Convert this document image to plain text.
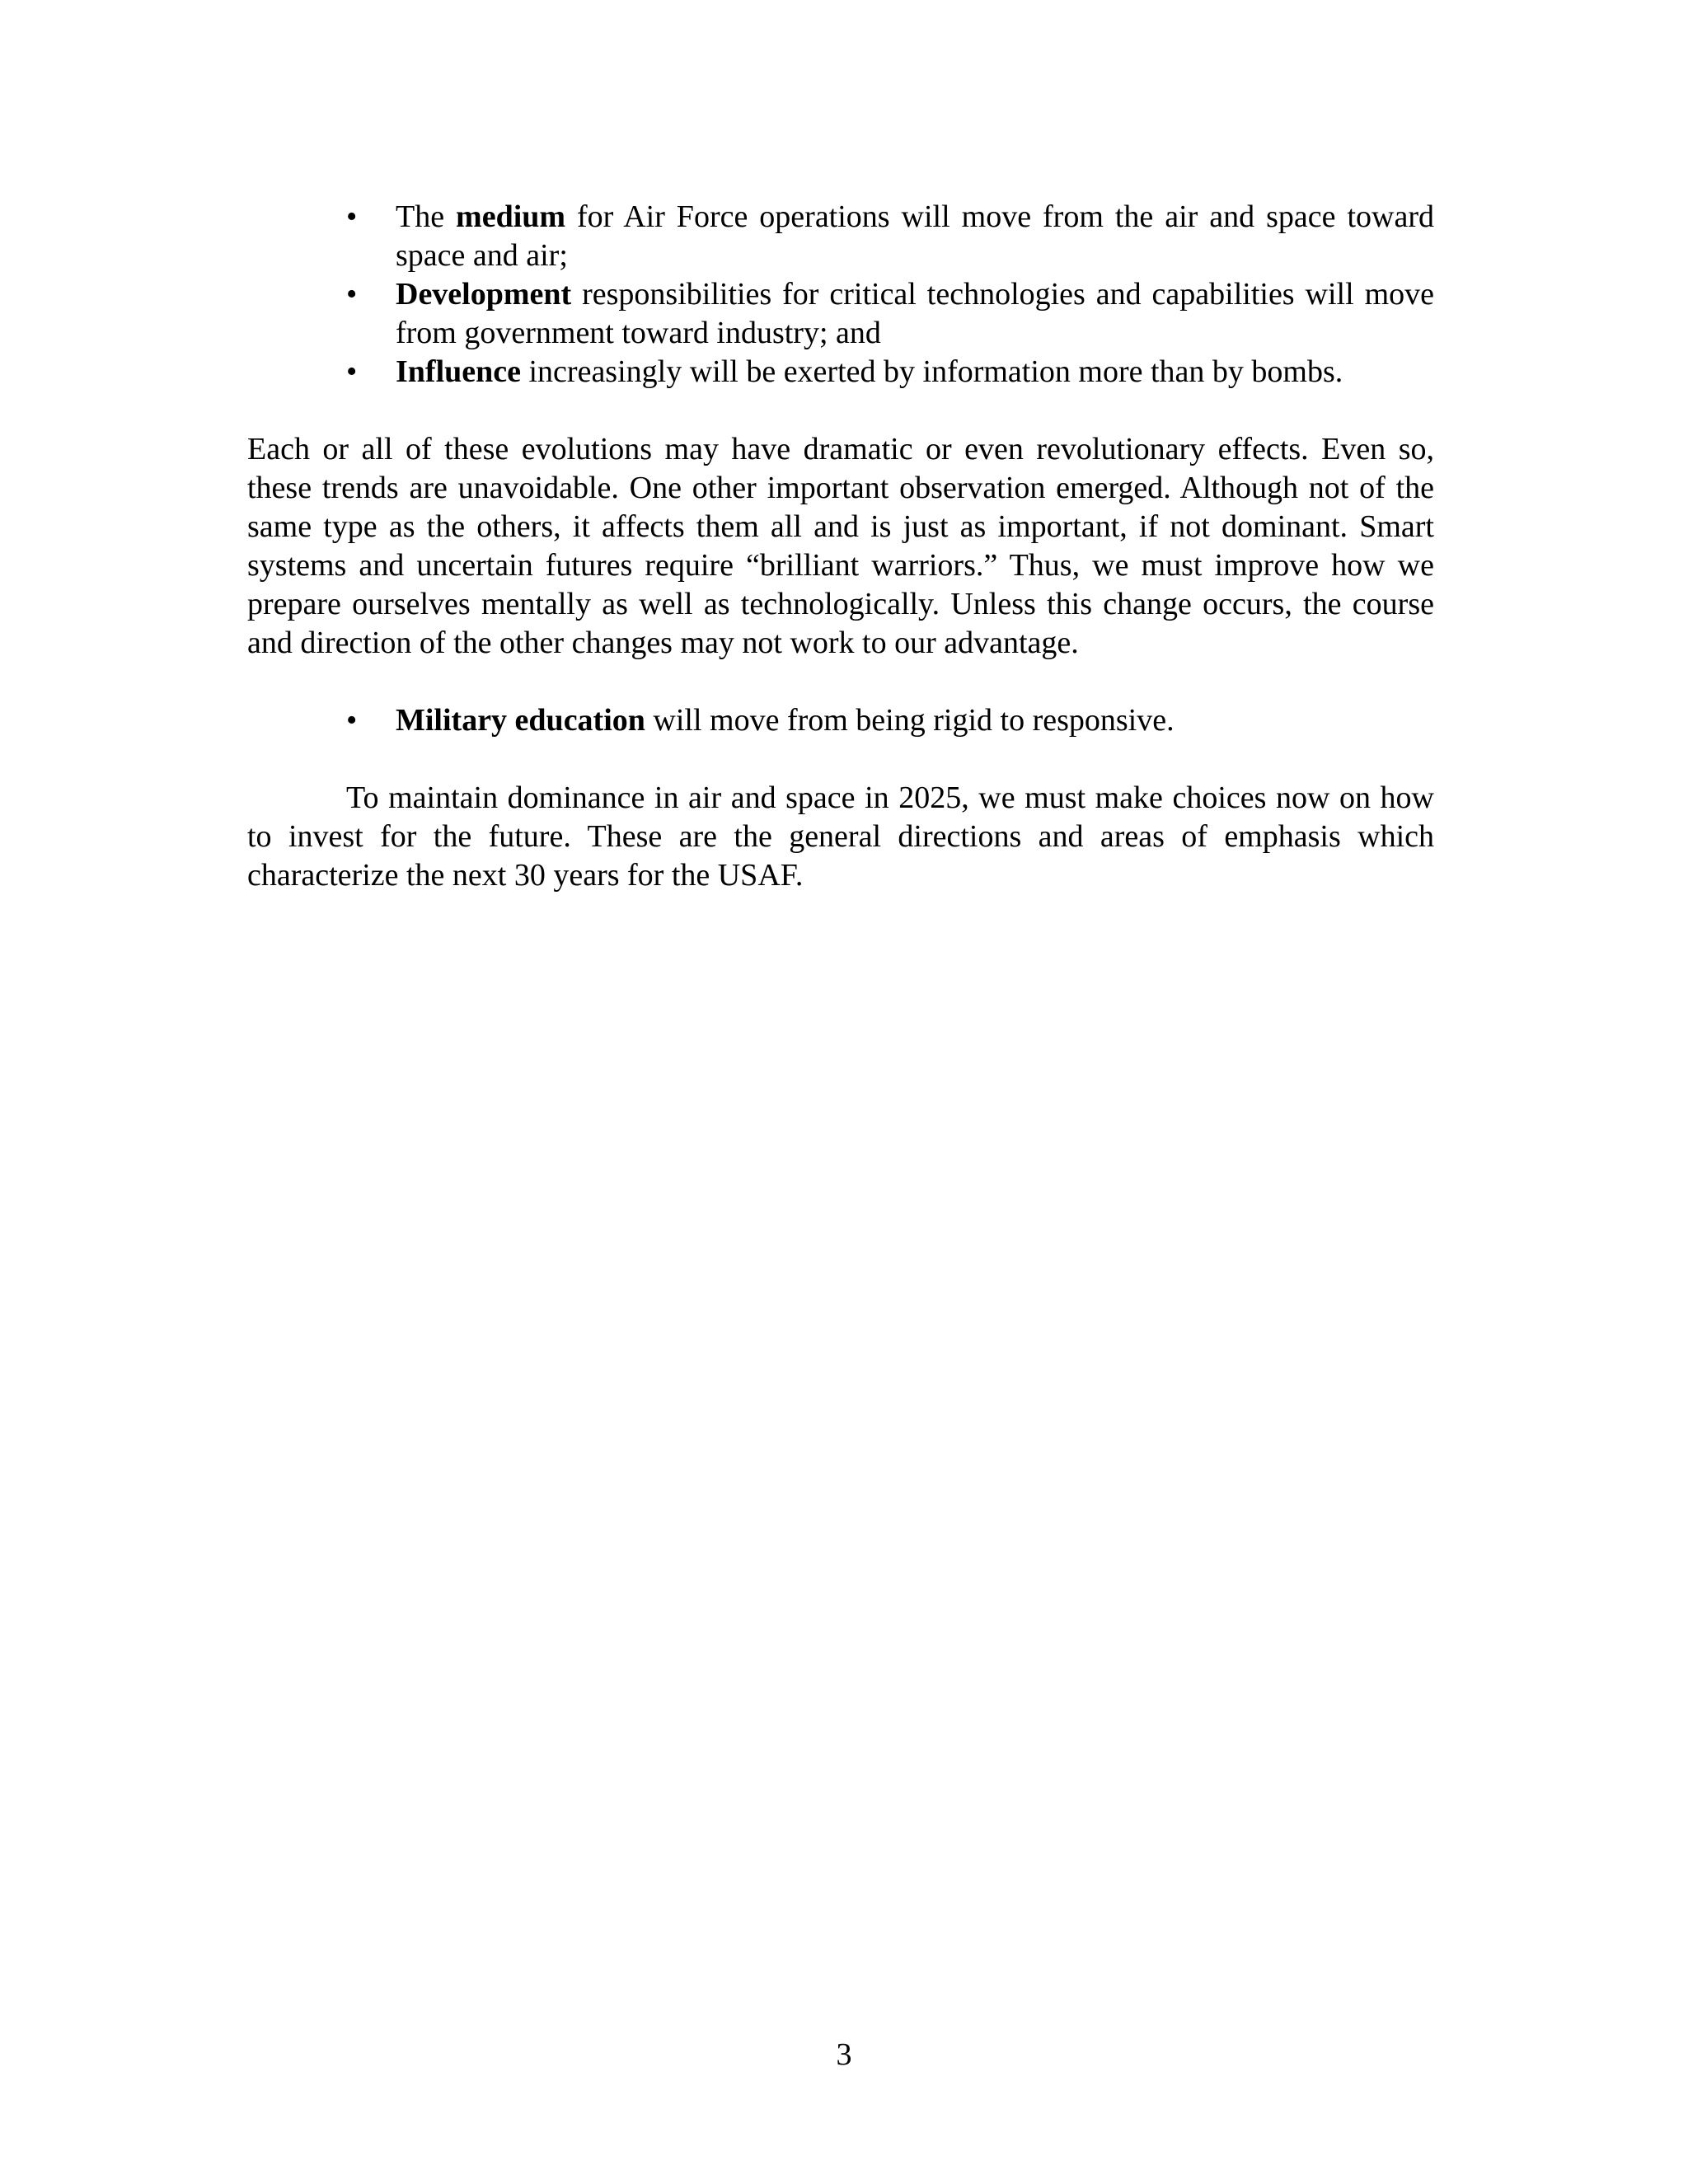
•	The medium for Air Force operations will move from the air and space toward space and air;
•	Development responsibilities for critical technologies and capabilities will move from government toward industry; and
•	Influence increasingly will be exerted by information more than by bombs.

Each or all of these evolutions may have dramatic or even revolutionary effects. Even so, these trends are unavoidable. One other important observation emerged. Although not of the same type as the others, it affects them all and is just as important, if not dominant. Smart systems and uncertain futures require “brilliant warriors.” Thus, we must improve how we prepare ourselves mentally as well as technologically. Unless this change occurs, the course and direction of the other changes may not work to our advantage.

•	Military education will move from being rigid to responsive.

To maintain dominance in air and space in 2025, we must make choices now on how to invest for the future. These are the general directions and areas of emphasis which characterize the next 30 years for the USAF.

3
